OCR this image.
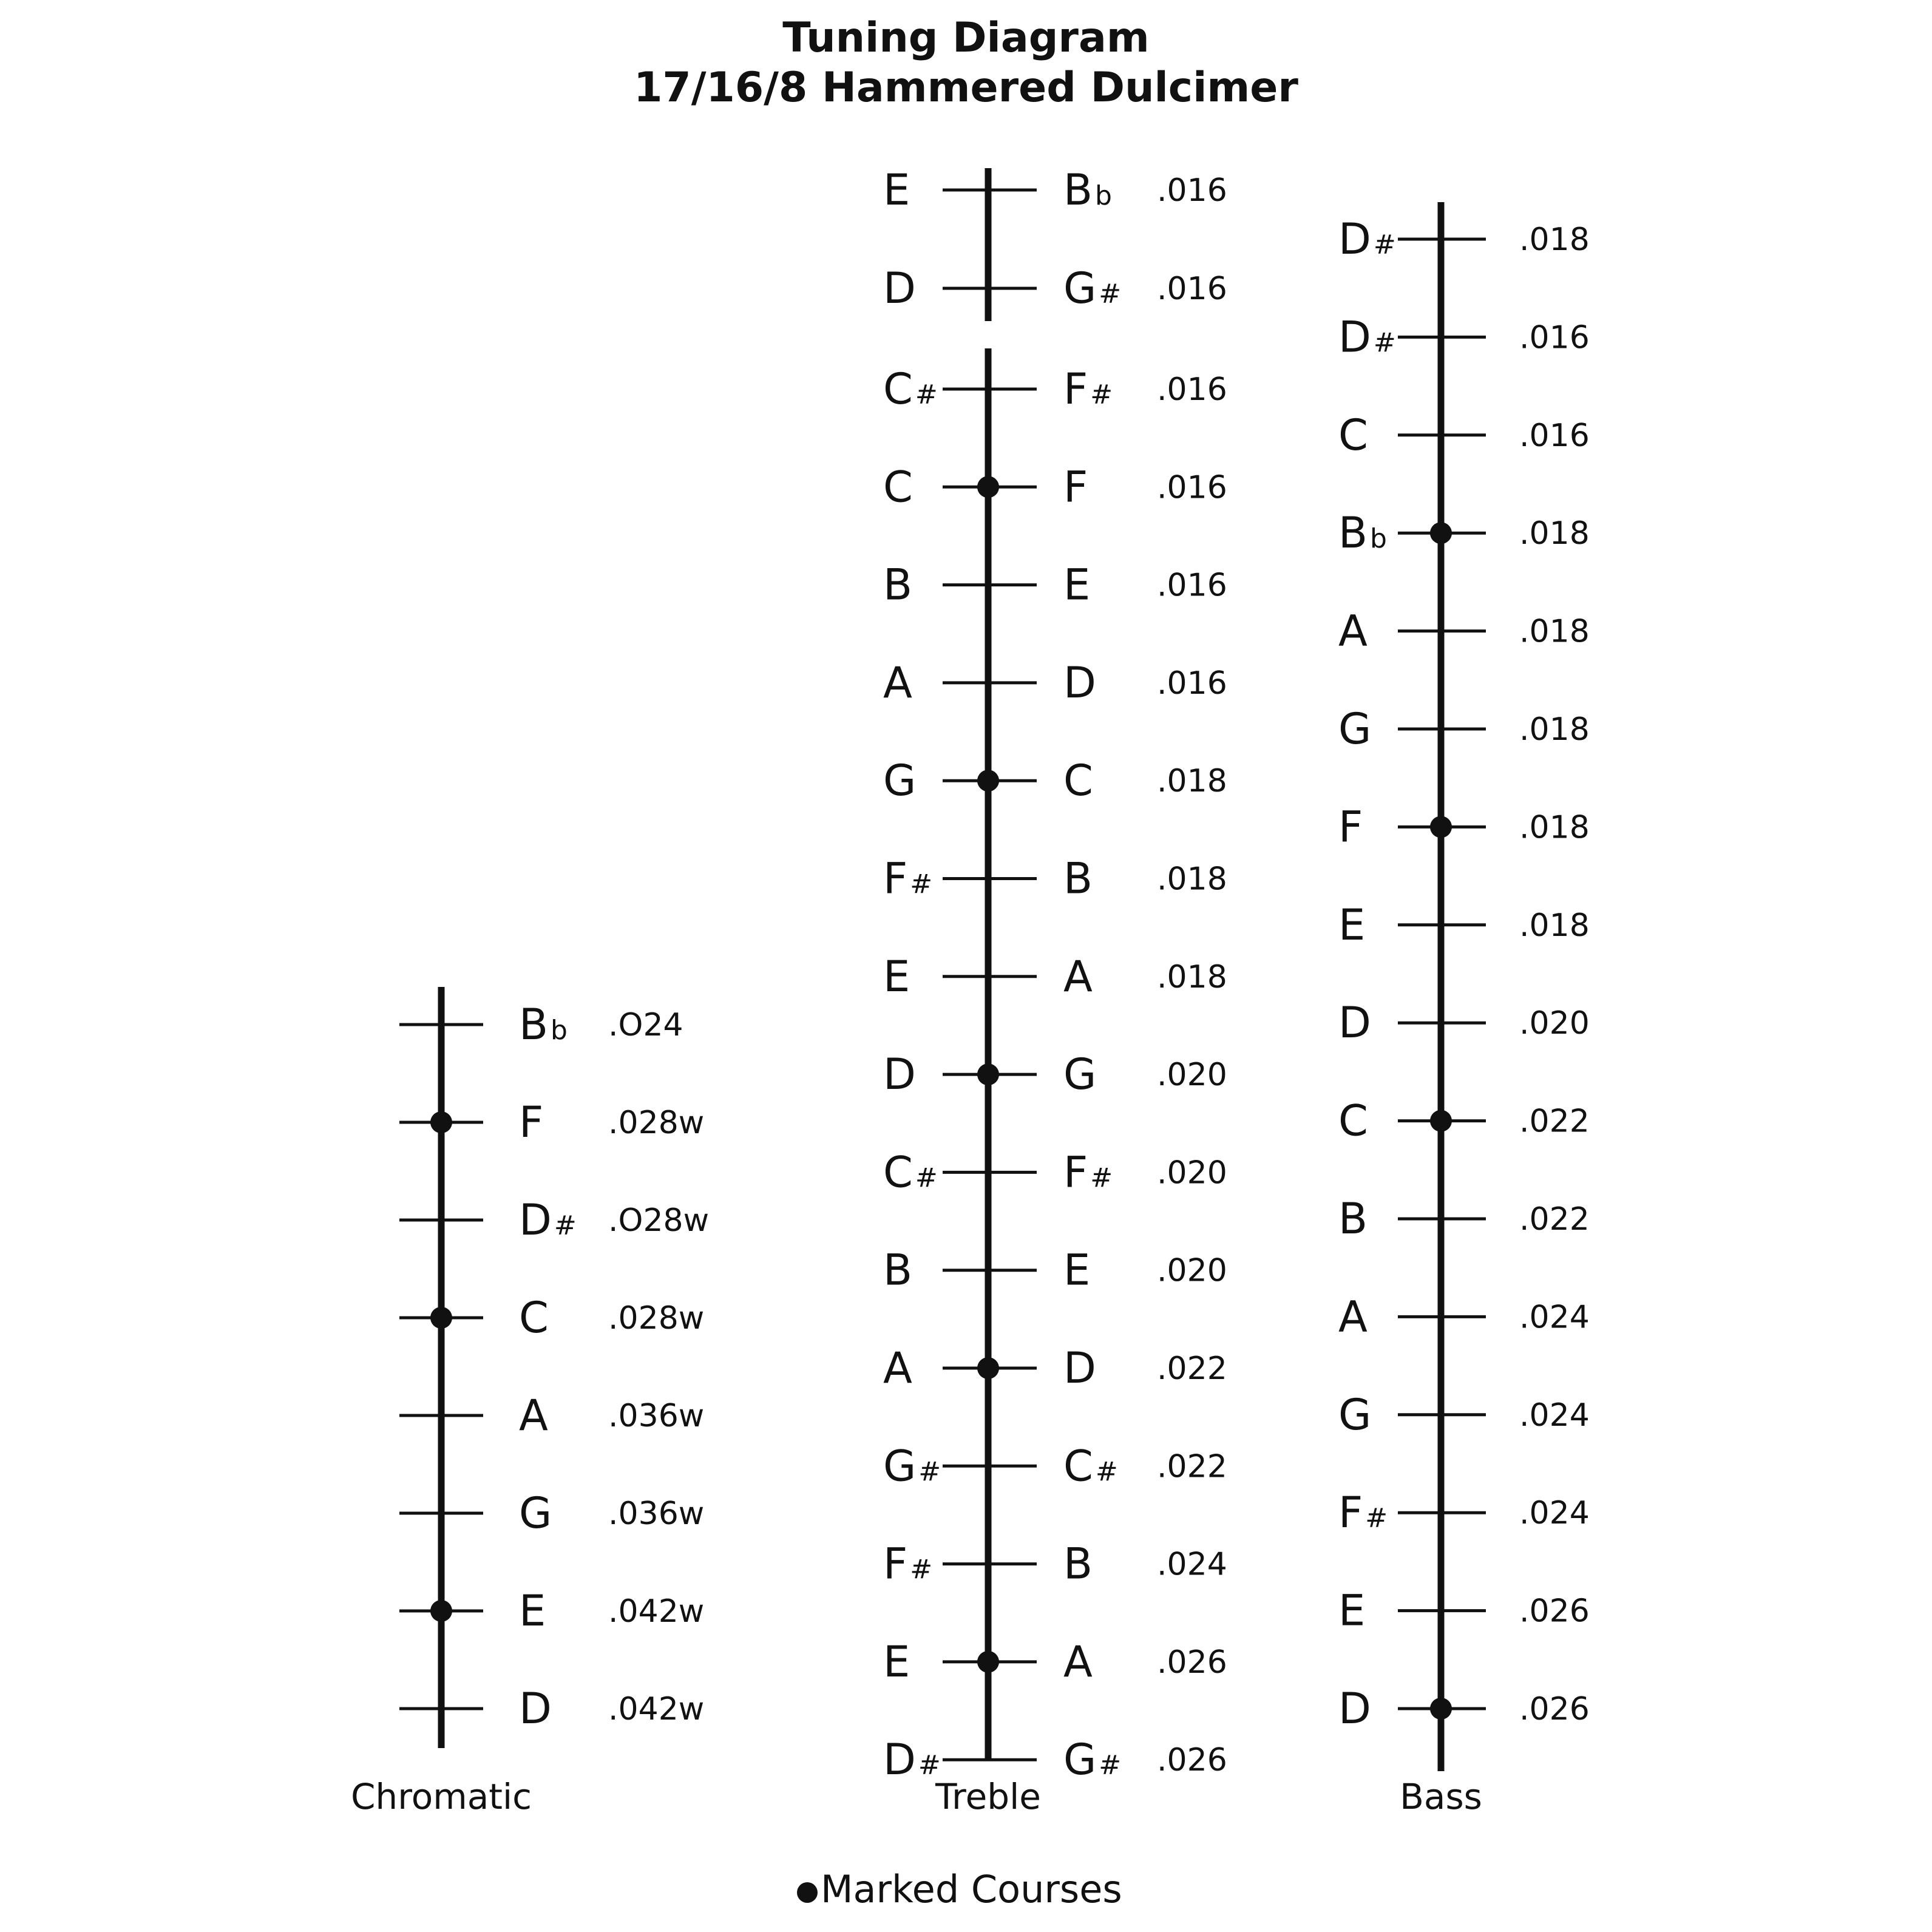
Tuning Diagram
17/16/8 Hammered Dulcimer
Bb .O24
F .028w
D# .O28w
C .028w
A .036w
G .036w
E .042w
D .042w
Chromatic
E	Bb .016
D	G# .016
C#	F# .016
C	F .016
B	E .016
A	D .016
G	C .018
F#	B .018
E	A .018
D	G .020
C#	F# .020
B	E .020
A	D .022
G#	C# .022
F#	B .024
E	A .026
D#	G# .026
Treble
D#	.018
D#	.016
C	.016
Bb	.018
A	.018
G	.018
F	.018
E	.018
D	.020
C	.022
B	.022
A	.024
G	.024
F#	.024
E	.026
D	.026
Bass
Marked Courses
